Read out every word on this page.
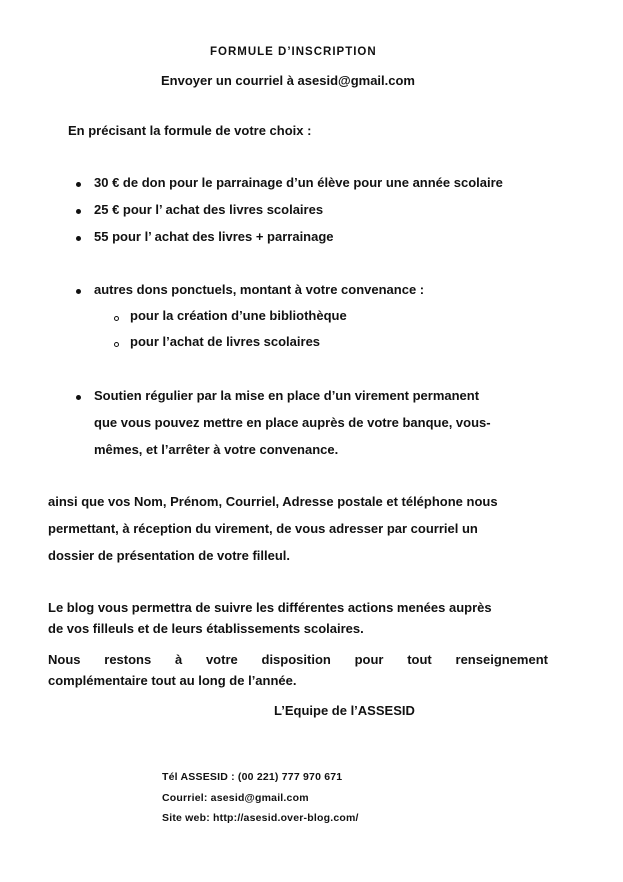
FORMULE D’INSCRIPTION
Envoyer un courriel à asesid@gmail.com
En précisant la formule de votre choix :
30 € de don pour le parrainage d’un élève pour une année scolaire
25 € pour l’ achat des livres scolaires
55 pour l’ achat des livres + parrainage
autres dons ponctuels, montant à votre convenance :
pour la création d’une bibliothèque
pour l’achat de livres scolaires
Soutien régulier par la mise en place d’un virement permanent
que vous pouvez mettre en place auprès de votre banque, vous-
mêmes, et l’arrêter à votre convenance.
ainsi que vos Nom, Prénom, Courriel, Adresse postale et téléphone nous
permettant, à réception du virement, de vous adresser par courriel un
dossier de présentation de votre filleul.
Le blog vous permettra de suivre les différentes actions menées auprès
de vos filleuls et de leurs établissements scolaires.
Nous restons à votre disposition pour tout renseignement
complémentaire tout au long de l’année.
L’Equipe de l’ASSESID
Tél ASSESID : (00 221) 777 970 671
Courriel: asesid@gmail.com
Site web: http://asesid.over-blog.com/
